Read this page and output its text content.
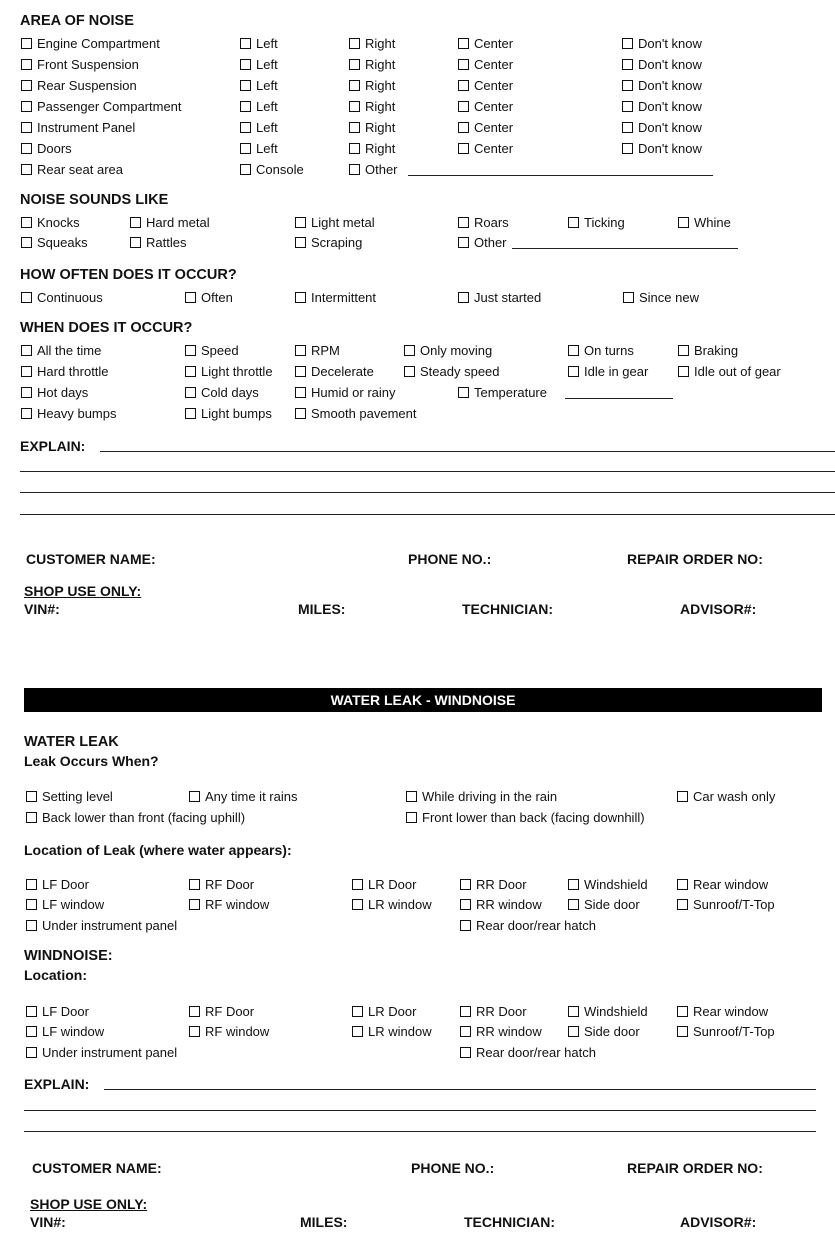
AREA OF NOISE
Engine Compartment	Left	Right	Center	Don't know
Front Suspension	Left	Right	Center	Don't know
Rear Suspension	Left	Right	Center	Don't know
Passenger Compartment	Left	Right	Center	Don't know
Instrument Panel	Left	Right	Center	Don't know
Doors	Left	Right	Center	Don't know
Rear seat area	Console	Other
NOISE SOUNDS LIKE
Knocks	Hard metal	Light metal	Roars	Ticking	Whine
Squeaks	Rattles	Scraping	Other
HOW OFTEN DOES IT OCCUR?
Continuous	Often	Intermittent	Just started	Since new
WHEN DOES IT OCCUR?
All the time	Speed	RPM	Only moving	On turns	Braking
Hard throttle	Light throttle	Decelerate	Steady speed	Idle in gear	Idle out of gear
Hot days	Cold days	Humid or rainy	Temperature
Heavy bumps	Light bumps	Smooth pavement
EXPLAIN:
CUSTOMER NAME:	PHONE NO.:	REPAIR ORDER NO:
SHOP USE ONLY:
VIN#:	MILES:	TECHNICIAN:	ADVISOR#:
WATER LEAK - WINDNOISE
WATER LEAK
Leak Occurs When?
Setting level	Any time it rains	While driving in the rain	Car wash only
Back lower than front (facing uphill)	Front lower than back (facing downhill)
Location of Leak (where water appears):
LF Door	RF Door	LR Door	RR Door	Windshield	Rear window
LF window	RF window	LR window	RR window	Side door	Sunroof/T-Top
Under instrument panel	Rear door/rear hatch
WINDNOISE:
Location:
LF Door	RF Door	LR Door	RR Door	Windshield	Rear window
LF window	RF window	LR window	RR window	Side door	Sunroof/T-Top
Under instrument panel	Rear door/rear hatch
EXPLAIN:
CUSTOMER NAME:	PHONE NO.:	REPAIR ORDER NO:
SHOP USE ONLY:
VIN#:	MILES:	TECHNICIAN:	ADVISOR#:
